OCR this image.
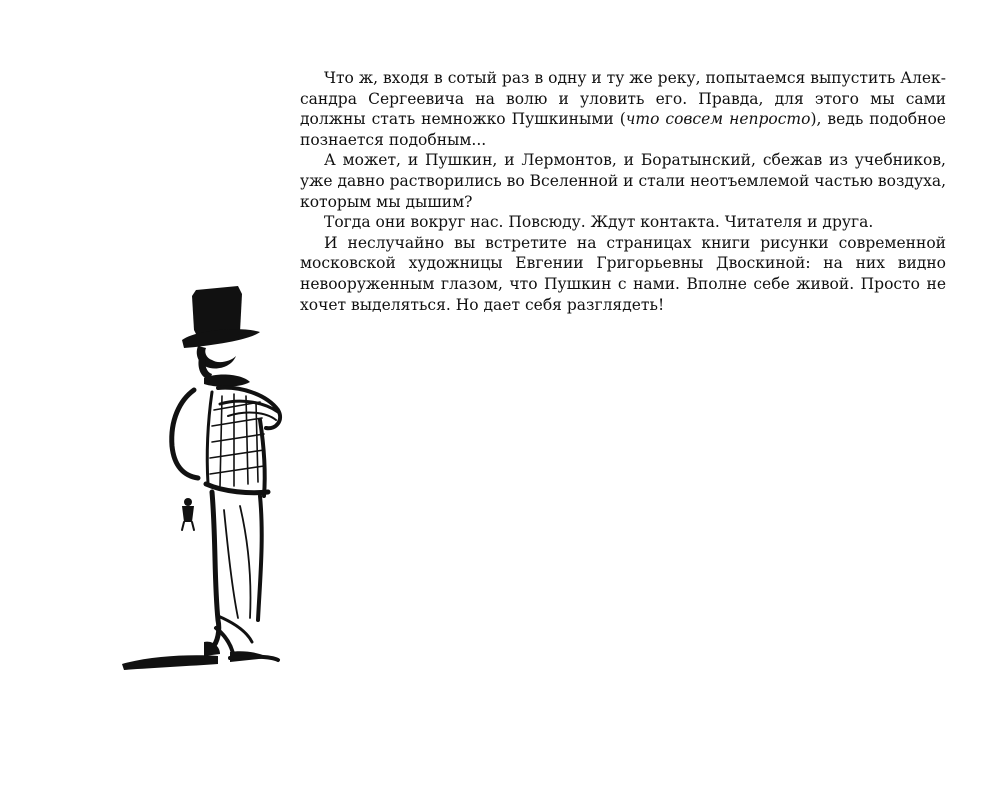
Что ж, входя в сотый раз в одну и ту же реку, попытаемся выпустить Александра Сергеевича на волю и уловить его. Правда, для этого мы сами должны стать немножко Пушкиными (что совсем непросто), ведь подобное познается подобным...

А может, и Пушкин, и Лермонтов, и Боратынский, сбежав из учебников, уже давно растворились во Вселенной и стали неотъемлемой частью воздуха, которым мы дышим?

Тогда они вокруг нас. Повсюду. Ждут контакта. Читателя и друга.

И неслучайно вы встретите на страницах книги рисунки современной московской художницы Евгении Григорьевны Двоскиной: на них видно невооруженным глазом, что Пушкин с нами. Вполне себе живой. Просто не хочет выделяться. Но дает себя разглядеть!
